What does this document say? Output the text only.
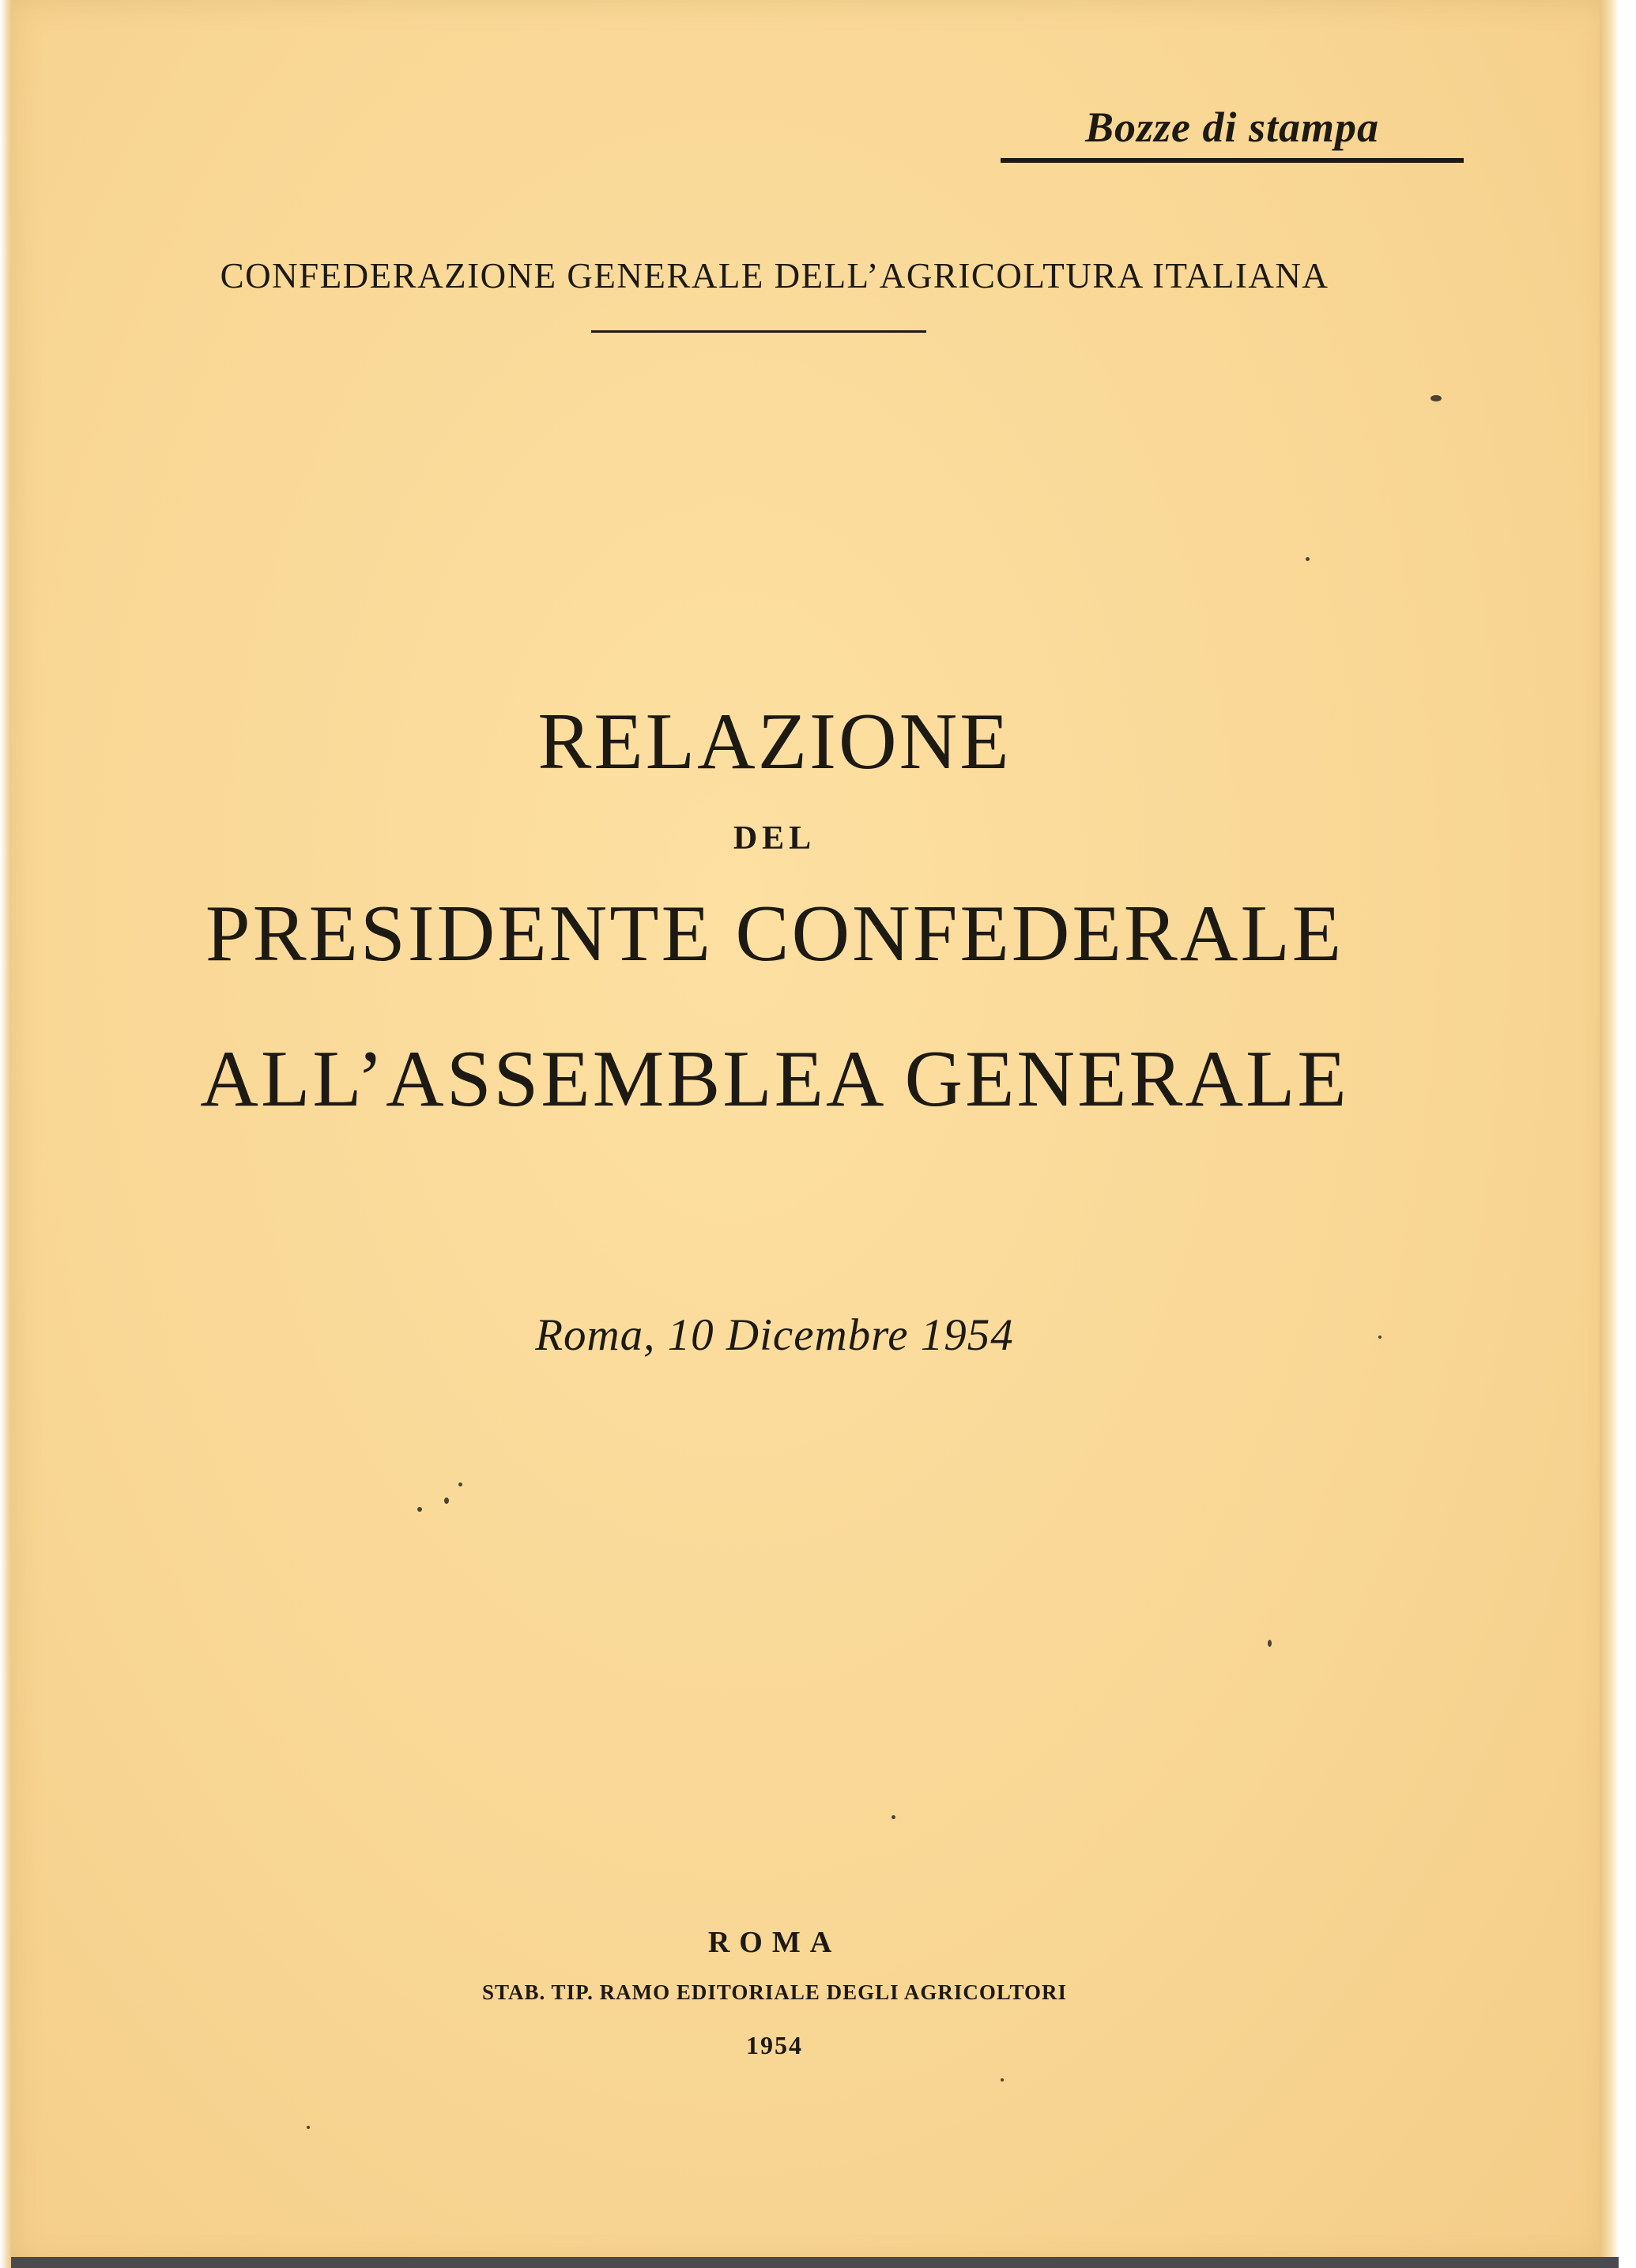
Bozze di stampa

CONFEDERAZIONE GENERALE DELL’AGRICOLTURA ITALIANA

RELAZIONE

DEL

PRESIDENTE CONFEDERALE
ALL’ASSEMBLEA GENERALE

Roma, 10 Dicembre 1954

ROMA

STAB. TIP. RAMO EDITORIALE DEGLI AGRICOLTORI

1954
